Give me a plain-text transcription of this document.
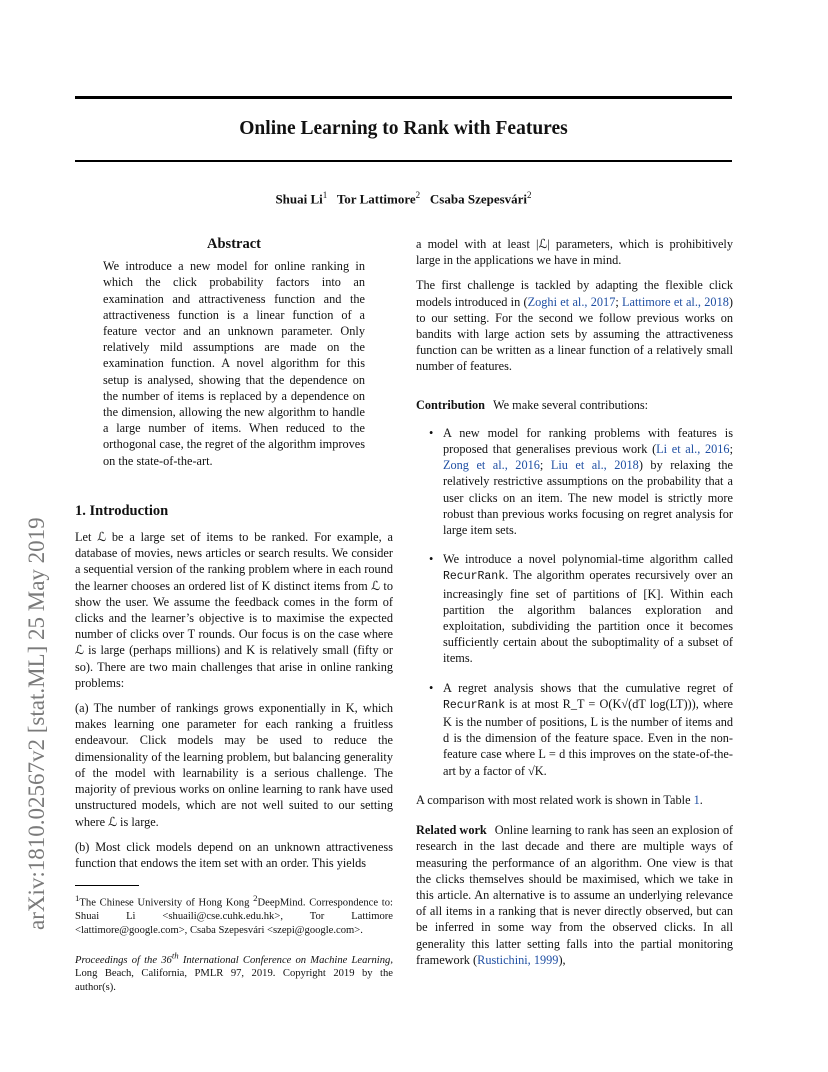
arXiv:1810.02567v2 [stat.ML] 25 May 2019
Online Learning to Rank with Features
Shuai Li$^1$ Tor Lattimore$^2$ Csaba Szepesvári$^2$
Abstract

We introduce a new model for online ranking in which the click probability factors into an examination and attractiveness function and the attractiveness function is a linear function of a feature vector and an unknown parameter. Only relatively mild assumptions are made on the examination function. A novel algorithm for this setup is analysed, showing that the dependence on the number of items is replaced by a dependence on the dimension, allowing the new algorithm to handle a large number of items. When reduced to the orthogonal case, the regret of the algorithm improves on the state-of-the-art.

1. Introduction

Let ℒ be a large set of items to be ranked. For example, a database of movies, news articles or search results. We consider a sequential version of the ranking problem where in each round the learner chooses an ordered list of K distinct items from ℒ to show the user. We assume the feedback comes in the form of clicks and the learner’s objective is to maximise the expected number of clicks over T rounds. Our focus is on the case where ℒ is large (perhaps millions) and K is relatively small (fifty or so). There are two main challenges that arise in online ranking problems:

(a) The number of rankings grows exponentially in K, which makes learning one parameter for each ranking a fruitless endeavour. Click models may be used to reduce the dimensionality of the learning problem, but balancing generality of the model with learnability is a serious challenge. The majority of previous works on online learning to rank have used unstructured models, which are not well suited to our setting where ℒ is large.

(b) Most click models depend on an unknown attractiveness function that endows the item set with an order. This yields

$^1$The Chinese University of Hong Kong $^2$DeepMind. Correspondence to: Shuai Li <shuaili@cse.cuhk.edu.hk>, Tor Lattimore <lattimore@google.com>, Csaba Szepesvári <szepi@google.com>.
Proceedings of the 36th International Conference on Machine Learning, Long Beach, California, PMLR 97, 2019. Copyright 2019 by the author(s).

a model with at least |ℒ| parameters, which is prohibitively large in the applications we have in mind.

The first challenge is tackled by adapting the flexible click models introduced in (Zoghi et al., 2017; Lattimore et al., 2018) to our setting. For the second we follow previous works on bandits with large action sets by assuming the attractiveness function can be written as a linear function of a relatively small number of features.

Contribution We make several contributions:

• A new model for ranking problems with features is proposed that generalises previous work (Li et al., 2016; Zong et al., 2016; Liu et al., 2018) by relaxing the relatively restrictive assumptions on the probability that a user clicks on an item. The new model is strictly more robust than previous works focusing on regret analysis for large item sets.
• We introduce a novel polynomial-time algorithm called RecurRank. The algorithm operates recursively over an increasingly fine set of partitions of [K]. Within each partition the algorithm balances exploration and exploitation, subdividing the partition once it becomes sufficiently certain about the suboptimality of a subset of items.
• A regret analysis shows that the cumulative regret of RecurRank is at most R_T = O(K√(dT log(LT))), where K is the number of positions, L is the number of items and d is the dimension of the feature space. Even in the non-feature case where L = d this improves on the state-of-the-art by a factor of √K.

A comparison with most related work is shown in Table 1.

Related work Online learning to rank has seen an explosion of research in the last decade and there are multiple ways of measuring the performance of an algorithm. One view is that the clicks themselves should be maximised, which we take in this article. An alternative is to assume an underlying relevance of all items in a ranking that is never directly observed, but can be inferred in some way from the observed clicks. In all generality this latter setting falls into the partial monitoring framework (Rustichini, 1999),
